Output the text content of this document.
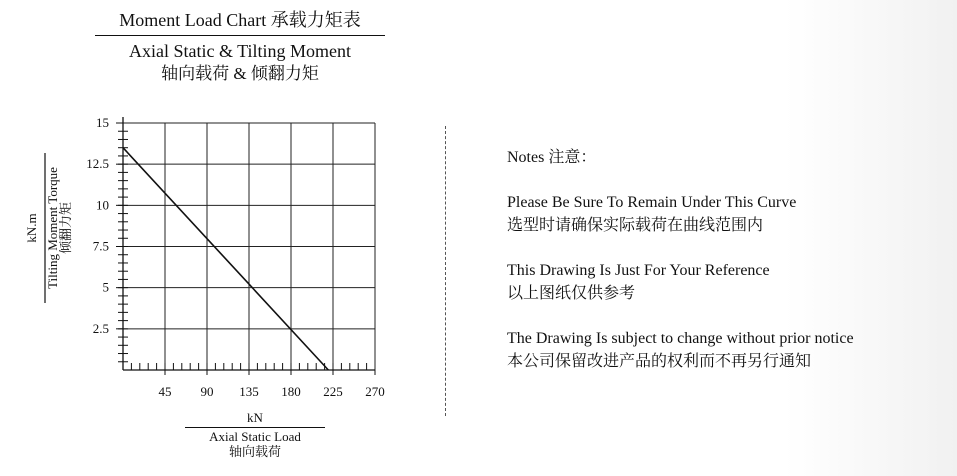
Moment Load Chart 承载力矩表
Axial Static & Tilting Moment
轴向载荷 & 倾翻力矩
45 90 135 180 225 270
2.5
5
7.5
10
12.5
15
kN.m Tilting Moment Torque
倾翻力矩
kN
Axial Static Load
轴向载荷
Notes 注意：
Please Be Sure To Remain Under This Curve
选型时请确保实际载荷在曲线范围内
This Drawing Is Just For Your Reference
以上图纸仅供参考
The Drawing Is subject to change without prior notice
本公司保留改进产品的权利而不再另行通知
